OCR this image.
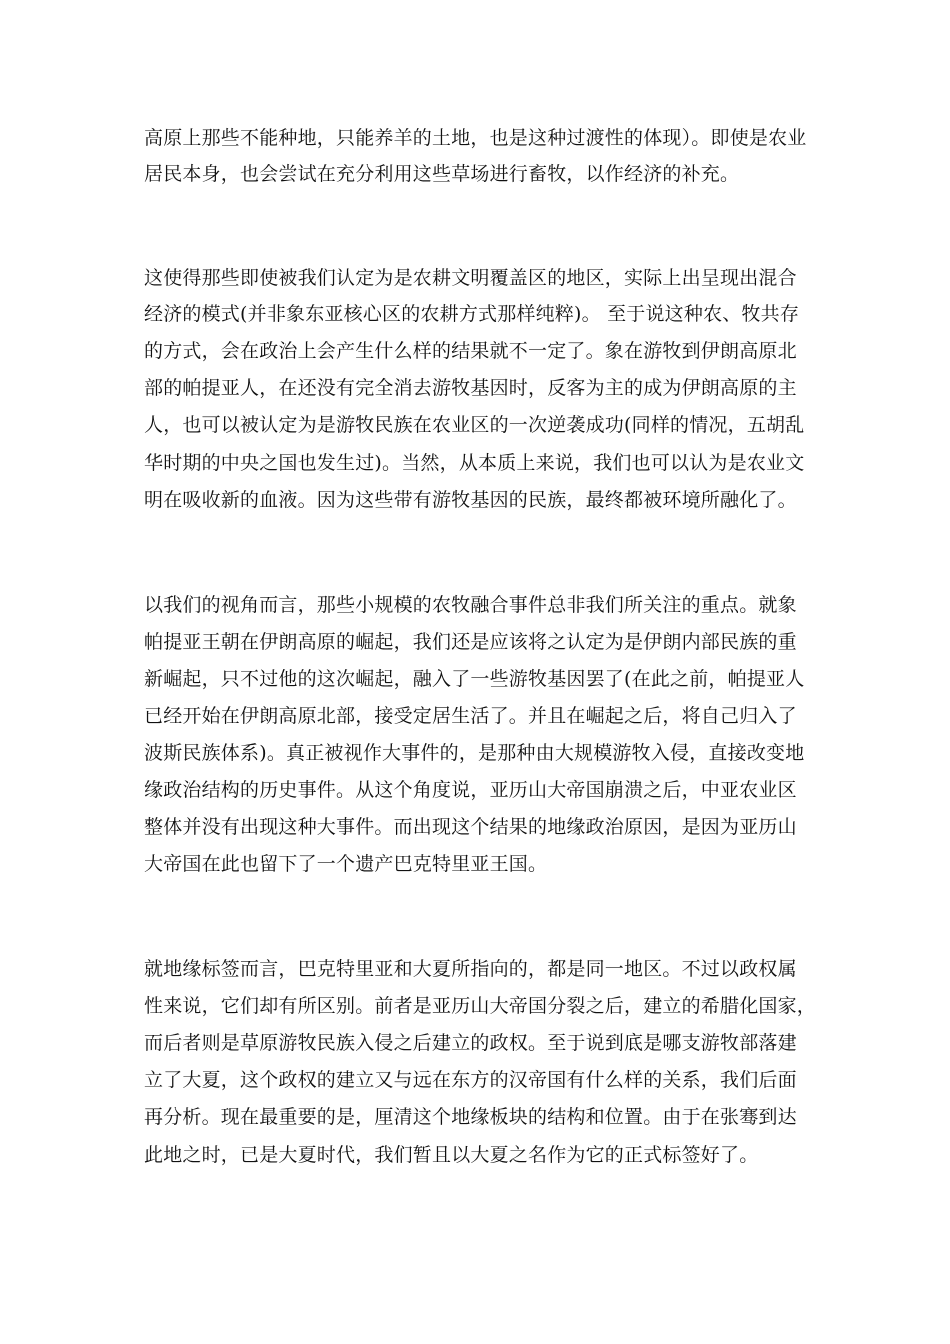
高原上那些不能种地，只能养羊的土地，也是这种过渡性的体现）。即使是农业
居民本身，也会尝试在充分利用这些草场进行畜牧，以作经济的补充。
这使得那些即使被我们认定为是农耕文明覆盖区的地区，实际上出呈现出混合
经济的模式(并非象东亚核心区的农耕方式那样纯粹)。 至于说这种农、牧共存
的方式，会在政治上会产生什么样的结果就不一定了。象在游牧到伊朗高原北
部的帕提亚人，在还没有完全消去游牧基因时，反客为主的成为伊朗高原的主
人，也可以被认定为是游牧民族在农业区的一次逆袭成功(同样的情况，五胡乱
华时期的中央之国也发生过)。当然，从本质上来说，我们也可以认为是农业文
明在吸收新的血液。因为这些带有游牧基因的民族，最终都被环境所融化了。
以我们的视角而言，那些小规模的农牧融合事件总非我们所关注的重点。就象
帕提亚王朝在伊朗高原的崛起，我们还是应该将之认定为是伊朗内部民族的重
新崛起，只不过他的这次崛起，融入了一些游牧基因罢了(在此之前，帕提亚人
已经开始在伊朗高原北部，接受定居生活了。并且在崛起之后，将自己归入了
波斯民族体系)。真正被视作大事件的，是那种由大规模游牧入侵，直接改变地
缘政治结构的历史事件。从这个角度说，亚历山大帝国崩溃之后，中亚农业区
整体并没有出现这种大事件。而出现这个结果的地缘政治原因，是因为亚历山
大帝国在此也留下了一个遗产巴克特里亚王国。
就地缘标签而言，巴克特里亚和大夏所指向的，都是同一地区。不过以政权属
性来说，它们却有所区别。前者是亚历山大帝国分裂之后，建立的希腊化国家，
而后者则是草原游牧民族入侵之后建立的政权。至于说到底是哪支游牧部落建
立了大夏，这个政权的建立又与远在东方的汉帝国有什么样的关系，我们后面
再分析。现在最重要的是，厘清这个地缘板块的结构和位置。由于在张骞到达
此地之时，已是大夏时代，我们暂且以大夏之名作为它的正式标签好了。
